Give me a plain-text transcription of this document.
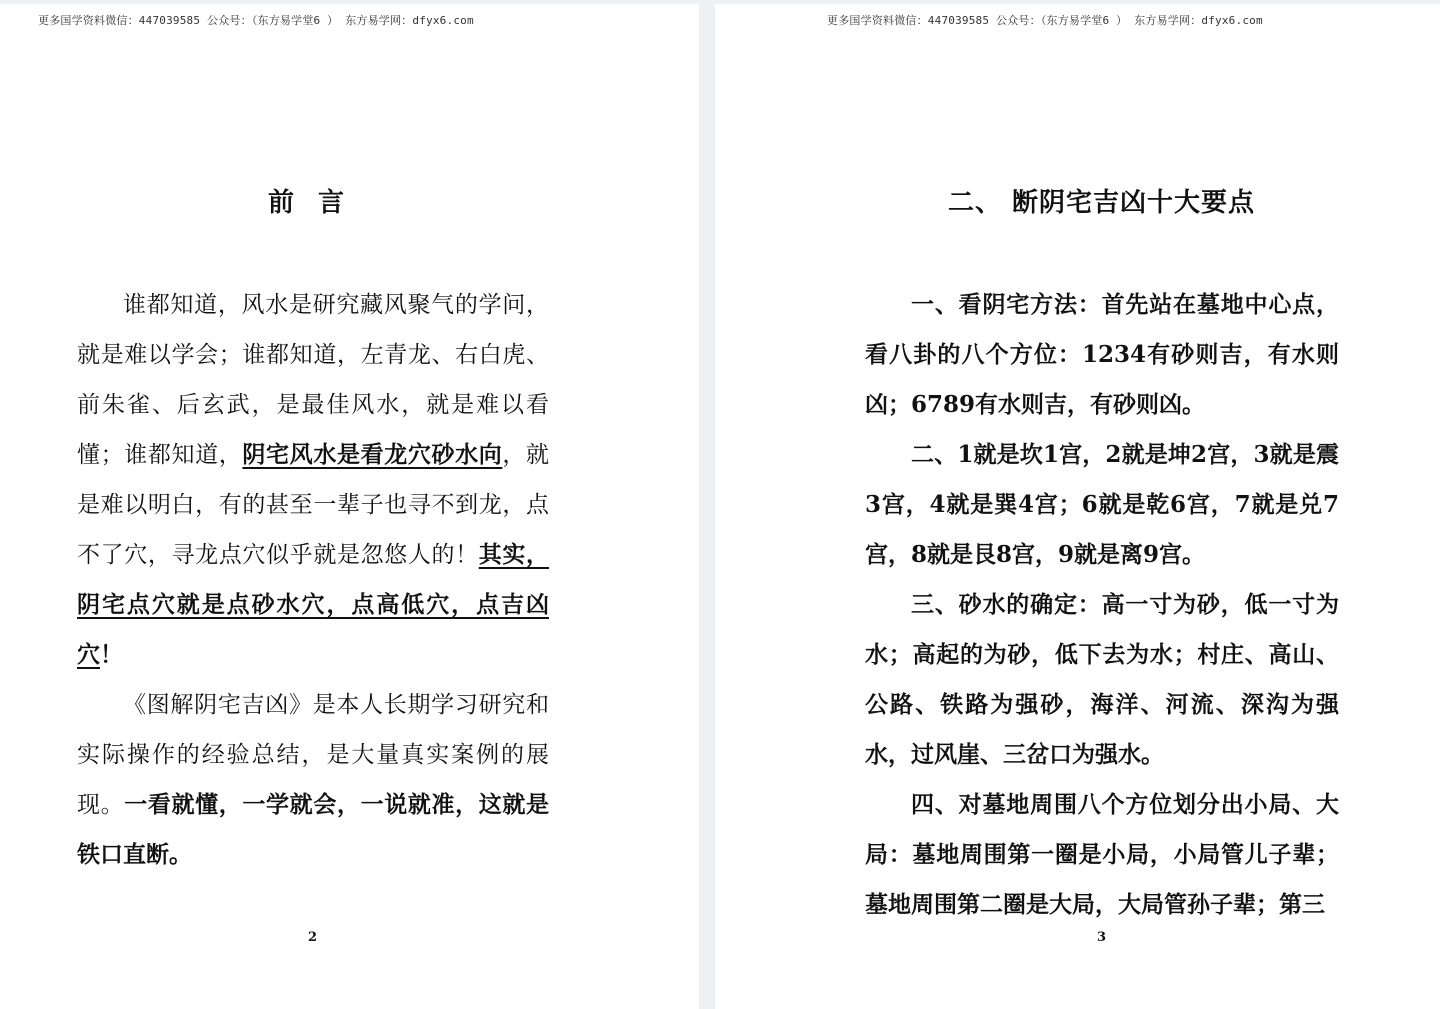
更多国学资料微信：447039585 公众号：（东方易学堂6 ） 东方易学网：dfyx6.com
前言

谁都知道，风水是研究藏风聚气的学问，就是难以学会；谁都知道，左青龙、右白虎、前朱雀、后玄武，是最佳风水，就是难以看懂；谁都知道，阴宅风水是看龙穴砂水向，就是难以明白，有的甚至一辈子也寻不到龙，点不了穴，寻龙点穴似乎就是忽悠人的！其实，阴宅点穴就是点砂水穴，点高低穴，点吉凶穴！

《图解阴宅吉凶》是本人长期学习研究和实际操作的经验总结，是大量真实案例的展现。一看就懂，一学就会，一说就准，这就是铁口直断。

2
更多国学资料微信：447039585 公众号：（东方易学堂6 ） 东方易学网：dfyx6.com
二、 断阴宅吉凶十大要点

一、看阴宅方法：首先站在墓地中心点，看八卦的八个方位：1234有砂则吉，有水则凶；6789有水则吉，有砂则凶。

二、1就是坎1宫，2就是坤2宫，3就是震3宫，4就是巽4宫；6就是乾6宫，7就是兑7宫，8就是艮8宫，9就是离9宫。

三、砂水的确定：高一寸为砂，低一寸为水；高起的为砂，低下去为水；村庄、高山、公路、铁路为强砂，海洋、河流、深沟为强水，过风崖、三岔口为强水。

四、对墓地周围八个方位划分出小局、大局：墓地周围第一圈是小局，小局管儿子辈；墓地周围第二圈是大局，大局管孙子辈；第三

3
